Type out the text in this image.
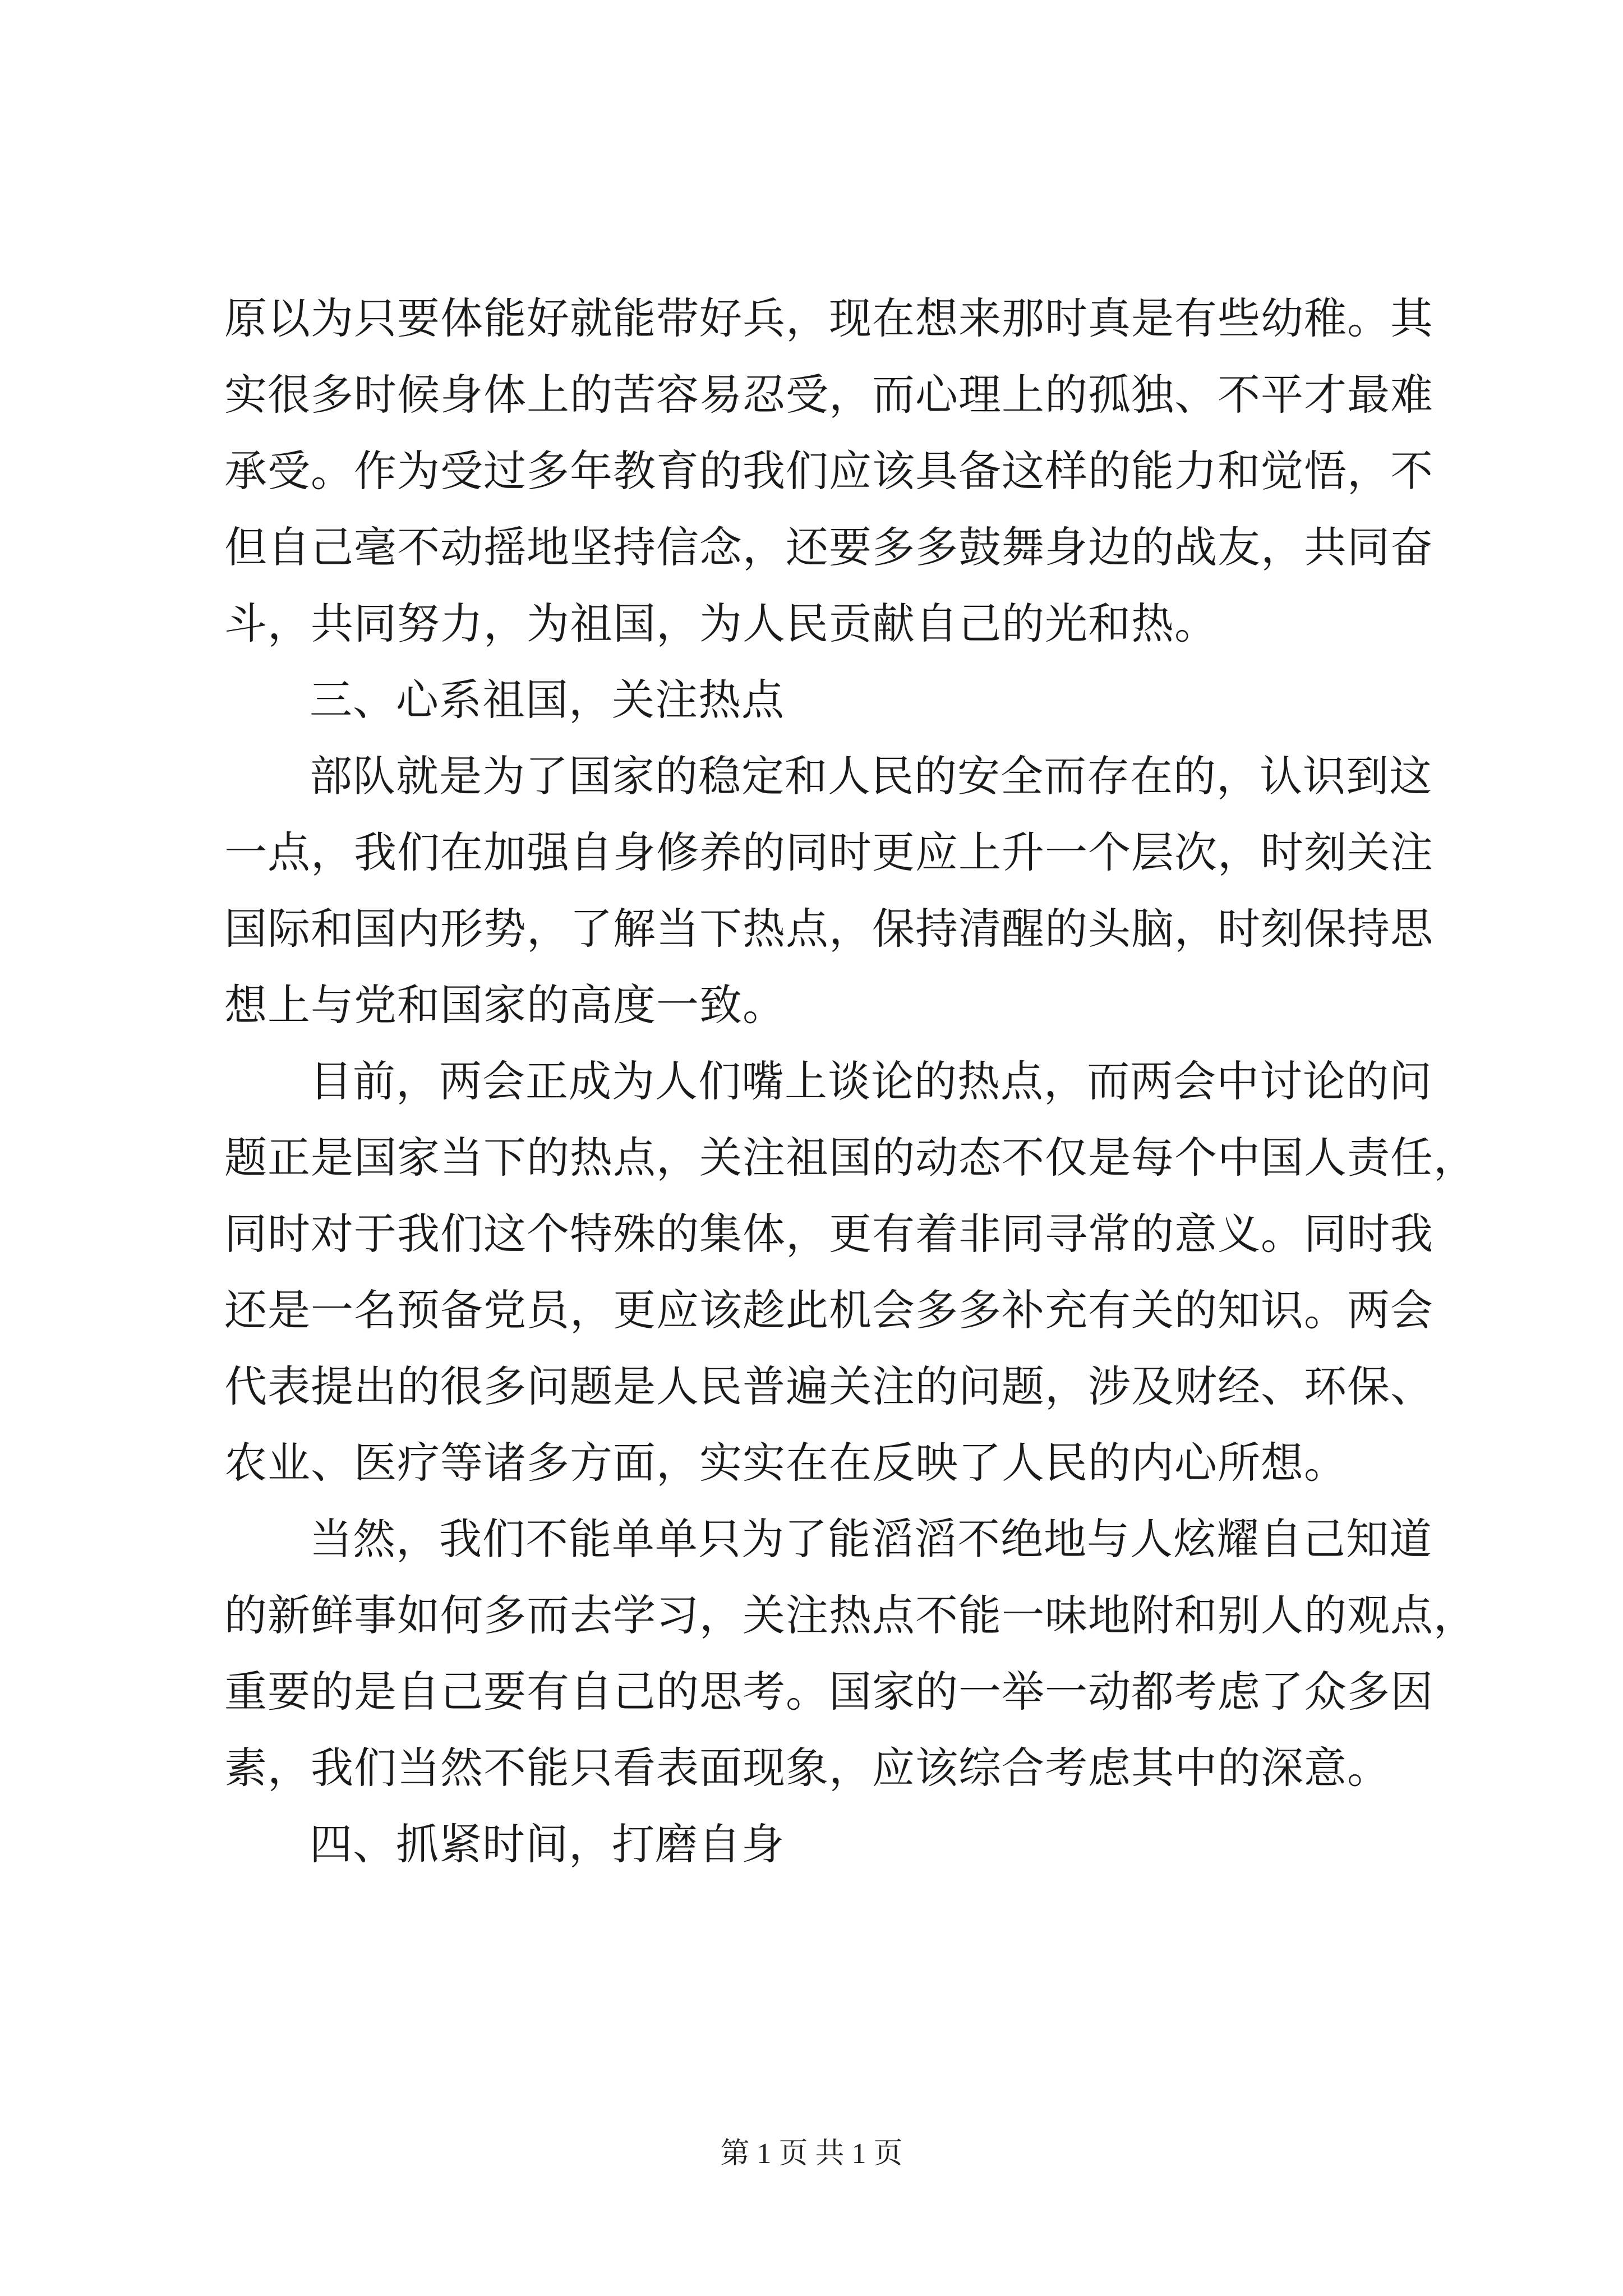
原以为只要体能好就能带好兵，现在想来那时真是有些幼稚。其
实很多时候身体上的苦容易忍受，而心理上的孤独、不平才最难
承受。作为受过多年教育的我们应该具备这样的能力和觉悟，不
但自己毫不动摇地坚持信念，还要多多鼓舞身边的战友，共同奋
斗，共同努力，为祖国，为人民贡献自己的光和热。
三、心系祖国，关注热点
部队就是为了国家的稳定和人民的安全而存在的，认识到这
一点，我们在加强自身修养的同时更应上升一个层次，时刻关注
国际和国内形势，了解当下热点，保持清醒的头脑，时刻保持思
想上与党和国家的高度一致。
目前，两会正成为人们嘴上谈论的热点，而两会中讨论的问
题正是国家当下的热点，关注祖国的动态不仅是每个中国人责任，
同时对于我们这个特殊的集体，更有着非同寻常的意义。同时我
还是一名预备党员，更应该趁此机会多多补充有关的知识。两会
代表提出的很多问题是人民普遍关注的问题，涉及财经、环保、
农业、医疗等诸多方面，实实在在反映了人民的内心所想。
当然，我们不能单单只为了能滔滔不绝地与人炫耀自己知道
的新鲜事如何多而去学习，关注热点不能一味地附和别人的观点，
重要的是自己要有自己的思考。国家的一举一动都考虑了众多因
素，我们当然不能只看表面现象，应该综合考虑其中的深意。
四、抓紧时间，打磨自身
第 1 页 共 1 页
